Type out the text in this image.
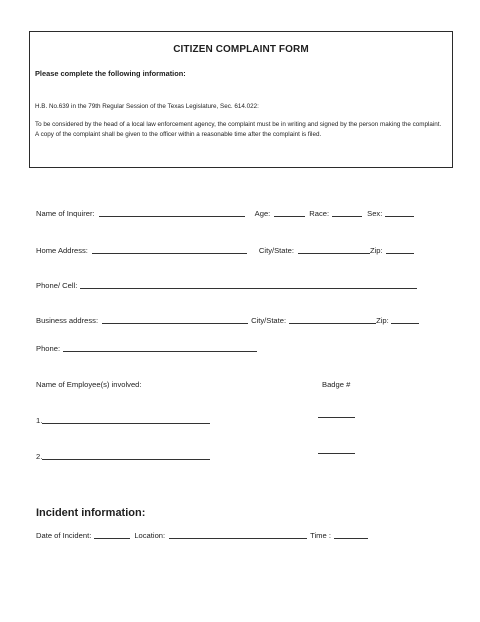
CITIZEN COMPLAINT FORM
Please complete the following information:
H.B. No.639 in the 79th Regular Session of the Texas Legislature, Sec. 614.022:
To be considered by the head of a local law enforcement agency, the complaint must be in writing and signed by the person making the complaint. A copy of the complaint shall be given to the officer within a reasonable time after the complaint is filed.
Name of Inquirer:	Age:	Race:	Sex:
Home Address:	City/State:	Zip:
Phone/ Cell:
Business address:	City/State:	Zip:
Phone:
Name of Employee(s) involved:	Badge #
1.
2.
Incident information:
Date of Incident:	Location:	Time :
